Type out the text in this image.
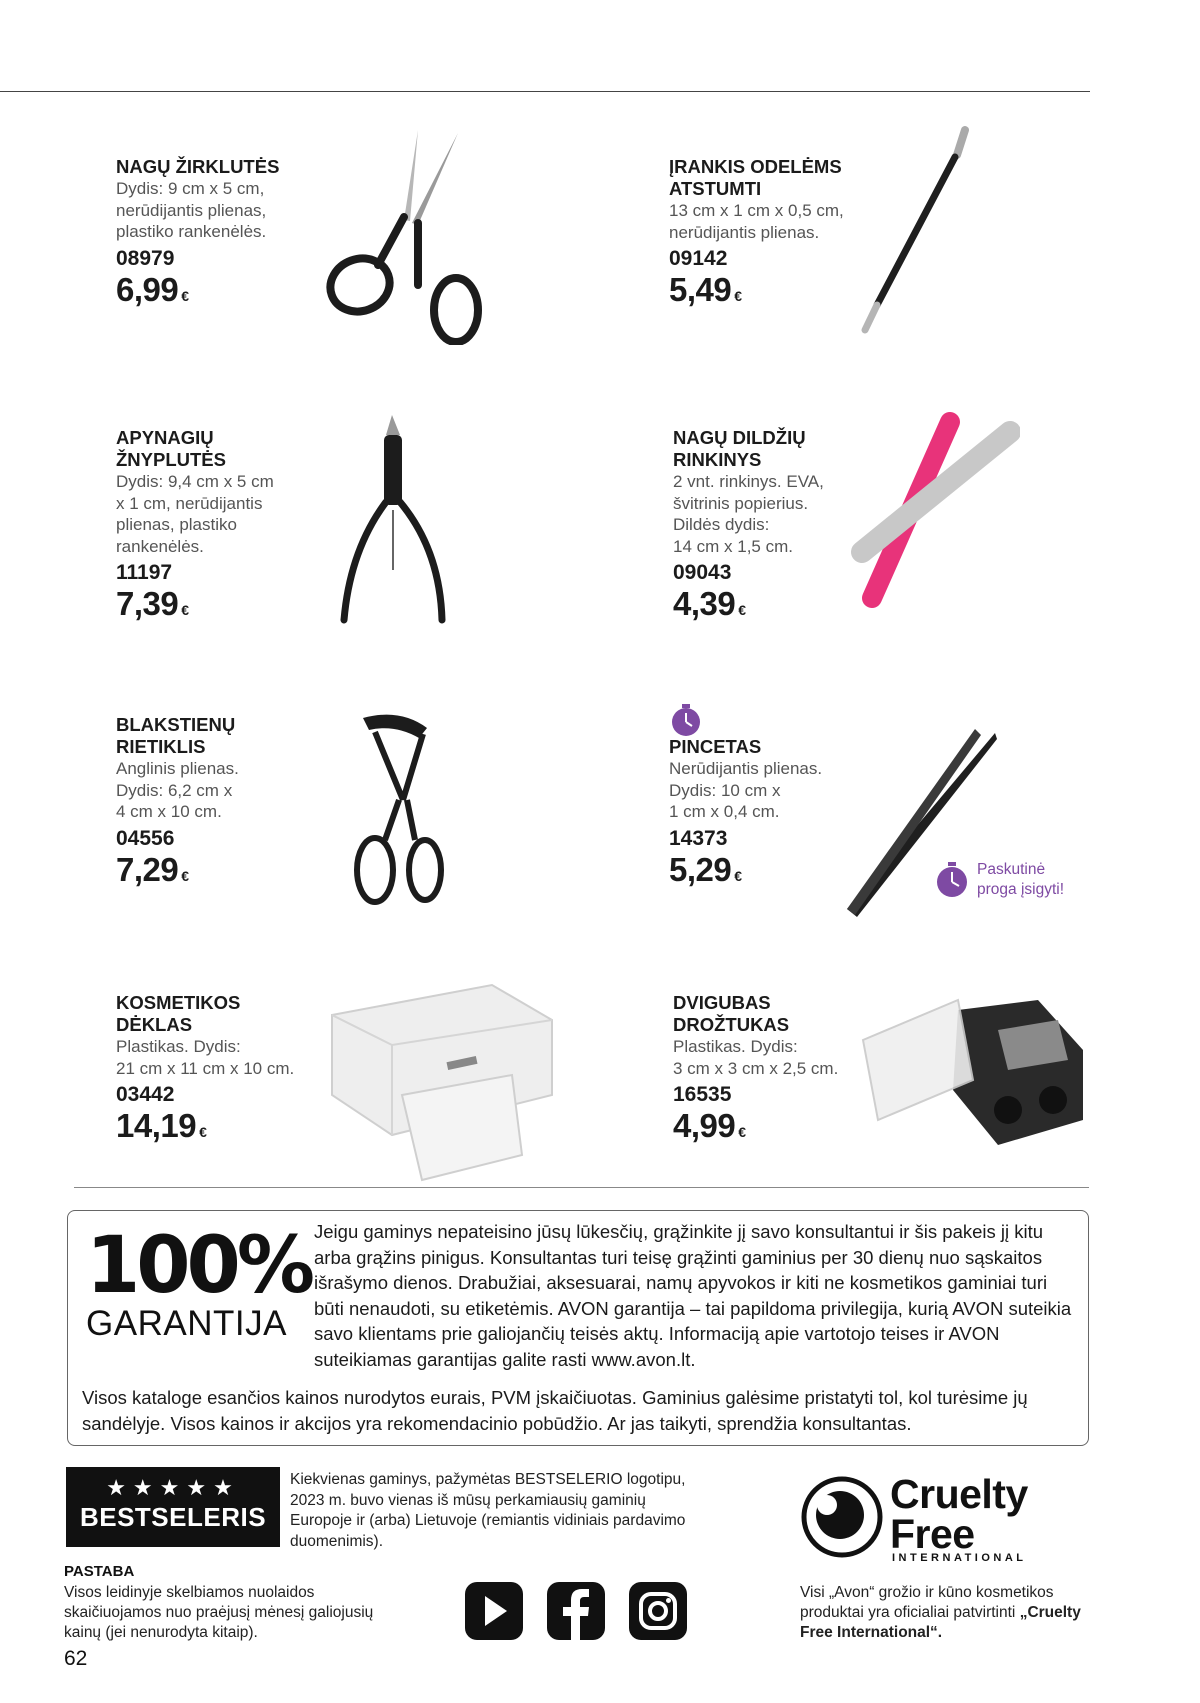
NAGŲ ŽIRKLUTĖS
Dydis: 9 cm x 5 cm,
nerūdijantis plienas,
plastiko rankenėlės.
08979
6,99 €
ĮRANKIS ODELĖMS
ATSTUMTI
13 cm x 1 cm x 0,5 cm,
nerūdijantis plienas.
09142
5,49 €
APYNAGIŲ
ŽNYPLUTĖS
Dydis: 9,4 cm x 5 cm
x 1 cm, nerūdijantis
plienas, plastiko
rankenėlės.
11197
7,39 €
NAGŲ DILDŽIŲ
RINKINYS
2 vnt. rinkinys. EVA,
švitrinis popierius.
Dildės dydis:
14 cm x 1,5 cm.
09043
4,39 €
BLAKSTIENŲ
RIETIKLIS
Anglinis plienas.
Dydis: 6,2 cm x
4 cm x 10 cm.
04556
7,29 €
PINCETAS
Nerūdijantis plienas.
Dydis: 10 cm x
1 cm x 0,4 cm.
14373
5,29 €	Paskutinė
proga įsigyti!
KOSMETIKOS
DĖKLAS
Plastikas. Dydis:
21 cm x 11 cm x 10 cm.
03442
14,19 €
DVIGUBAS
DROŽTUKAS
Plastikas. Dydis:
3 cm x 3 cm x 2,5 cm.
16535
4,99 €
100%
GARANTIJA
Jeigu gaminys nepateisino jūsų lūkesčių, grąžinkite jį savo konsultantui ir šis pakeis jį kitu arba grąžins pinigus. Konsultantas turi teisę grąžinti gaminius per 30 dienų nuo sąskaitos išrašymo dienos. Drabužiai, aksesuarai, namų apyvokos ir kiti ne kosmetikos gaminiai turi būti nenaudoti, su etiketėmis. AVON garantija – tai papildoma privilegija, kurią AVON suteikia savo klientams prie galiojančių teisės aktų. Informaciją apie vartotojo teises ir AVON suteikiamas garantijas galite rasti www.avon.lt.
Visos kataloge esančios kainos nurodytos eurais, PVM įskaičiuotas. Gaminius galėsime pristatyti tol, kol turėsime jų sandėlyje. Visos kainos ir akcijos yra rekomendacinio pobūdžio. Ar jas taikyti, sprendžia konsultantas.
★★★★★
BESTSELERIS
Kiekvienas gaminys, pažymėtas BESTSELERIO logotipu, 2023 m. buvo vienas iš mūsų perkamiausių gaminių Europoje ir (arba) Lietuvoje (remiantis vidiniais pardavimo duomenimis).
Cruelty
Free
INTERNATIONAL
Visi „Avon“ grožio ir kūno kosmetikos produktai yra oficialiai patvirtinti „Cruelty Free International“.
PASTABA
Visos leidinyje skelbiamos nuolaidos skaičiuojamos nuo praėjusį mėnesį galiojusių kainų (jei nenurodyta kitaip).
62
